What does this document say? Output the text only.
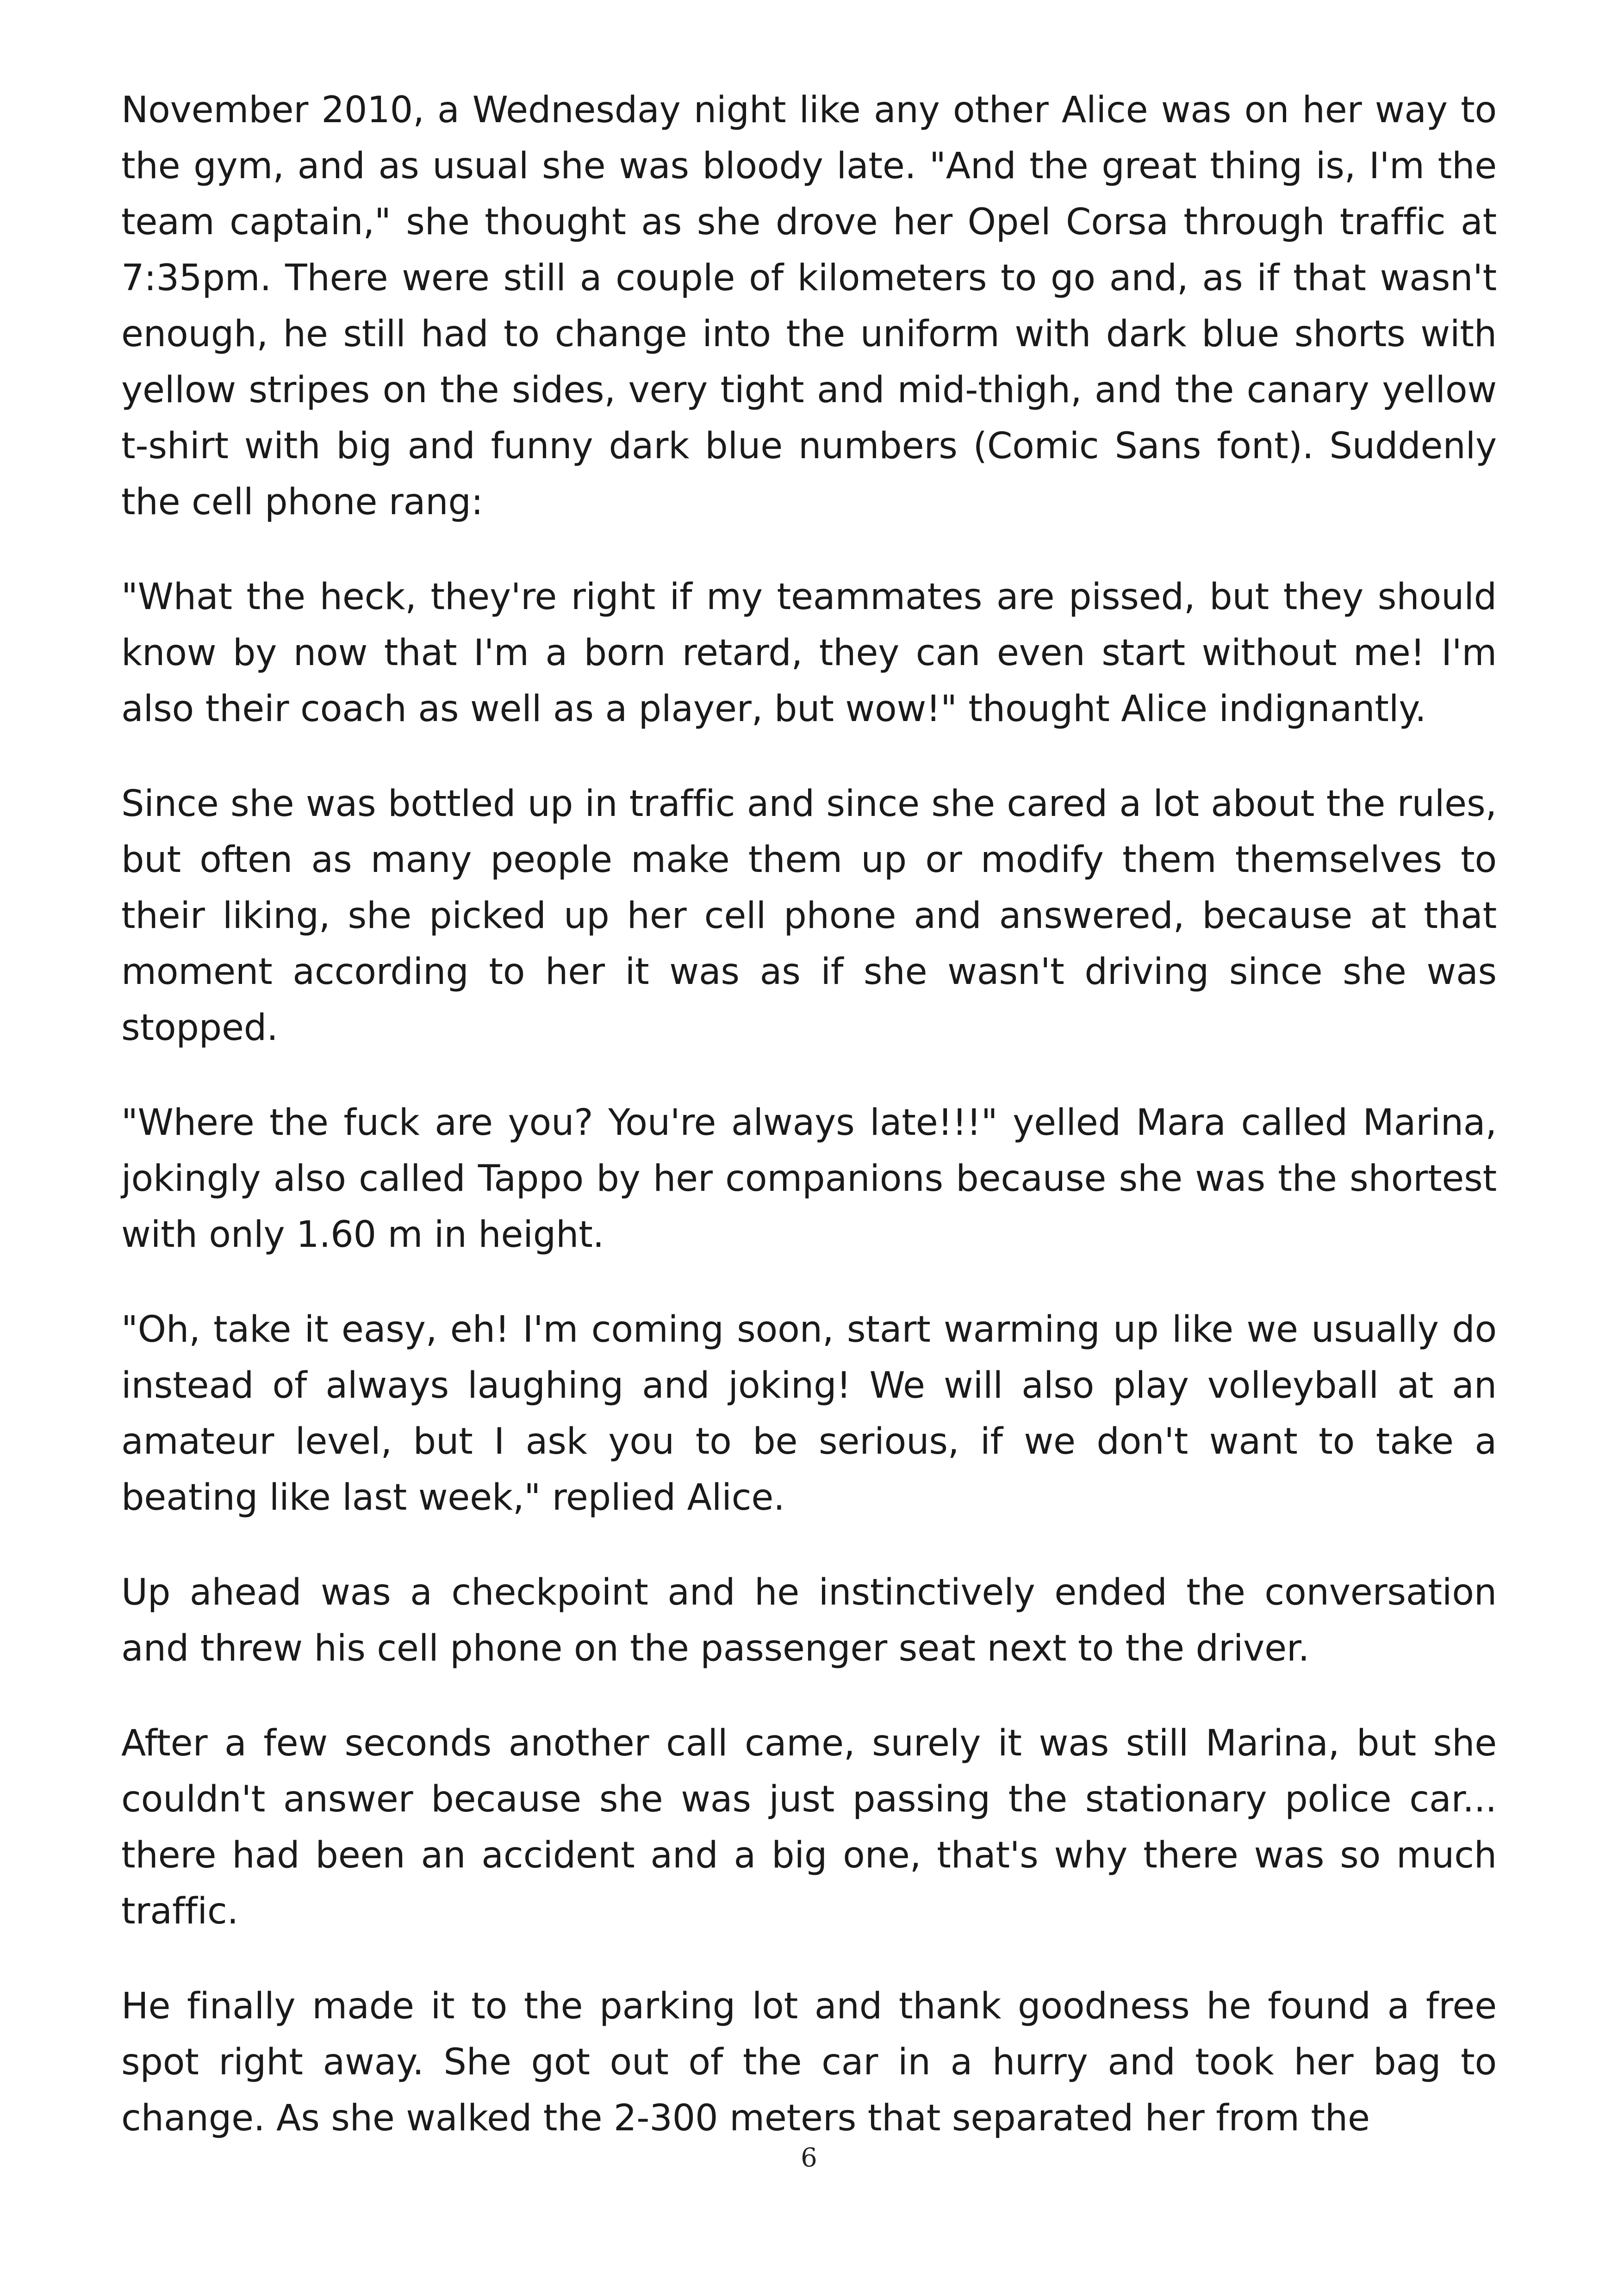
November 2010, a Wednesday night like any other Alice was on her way to the gym, and as usual she was bloody late. "And the great thing is, I'm the team captain," she thought as she drove her Opel Corsa through traffic at 7:35pm. There were still a couple of kilometers to go and, as if that wasn't enough, he still had to change into the uniform with dark blue shorts with yellow stripes on the sides, very tight and mid-thigh, and the canary yellow t-shirt with big and funny dark blue numbers (Comic Sans font). Suddenly the cell phone rang:

"What the heck, they're right if my teammates are pissed, but they should know by now that I'm a born retard, they can even start without me! I'm also their coach as well as a player, but wow!" thought Alice indignantly.

Since she was bottled up in traffic and since she cared a lot about the rules, but often as many people make them up or modify them themselves to their liking, she picked up her cell phone and answered, because at that moment according to her it was as if she wasn't driving since she was stopped.

"Where the fuck are you? You're always late!!!" yelled Mara called Marina, jokingly also called Tappo by her companions because she was the shortest with only 1.60 m in height.

"Oh, take it easy, eh! I'm coming soon, start warming up like we usually do instead of always laughing and joking! We will also play volleyball at an amateur level, but I ask you to be serious, if we don't want to take a beating like last week," replied Alice.

Up ahead was a checkpoint and he instinctively ended the conversation and threw his cell phone on the passenger seat next to the driver.

After a few seconds another call came, surely it was still Marina, but she couldn't answer because she was just passing the stationary police car... there had been an accident and a big one, that's why there was so much traffic.

He finally made it to the parking lot and thank goodness he found a free spot right away. She got out of the car in a hurry and took her bag to change. As she walked the 2-300 meters that separated her from the

6
